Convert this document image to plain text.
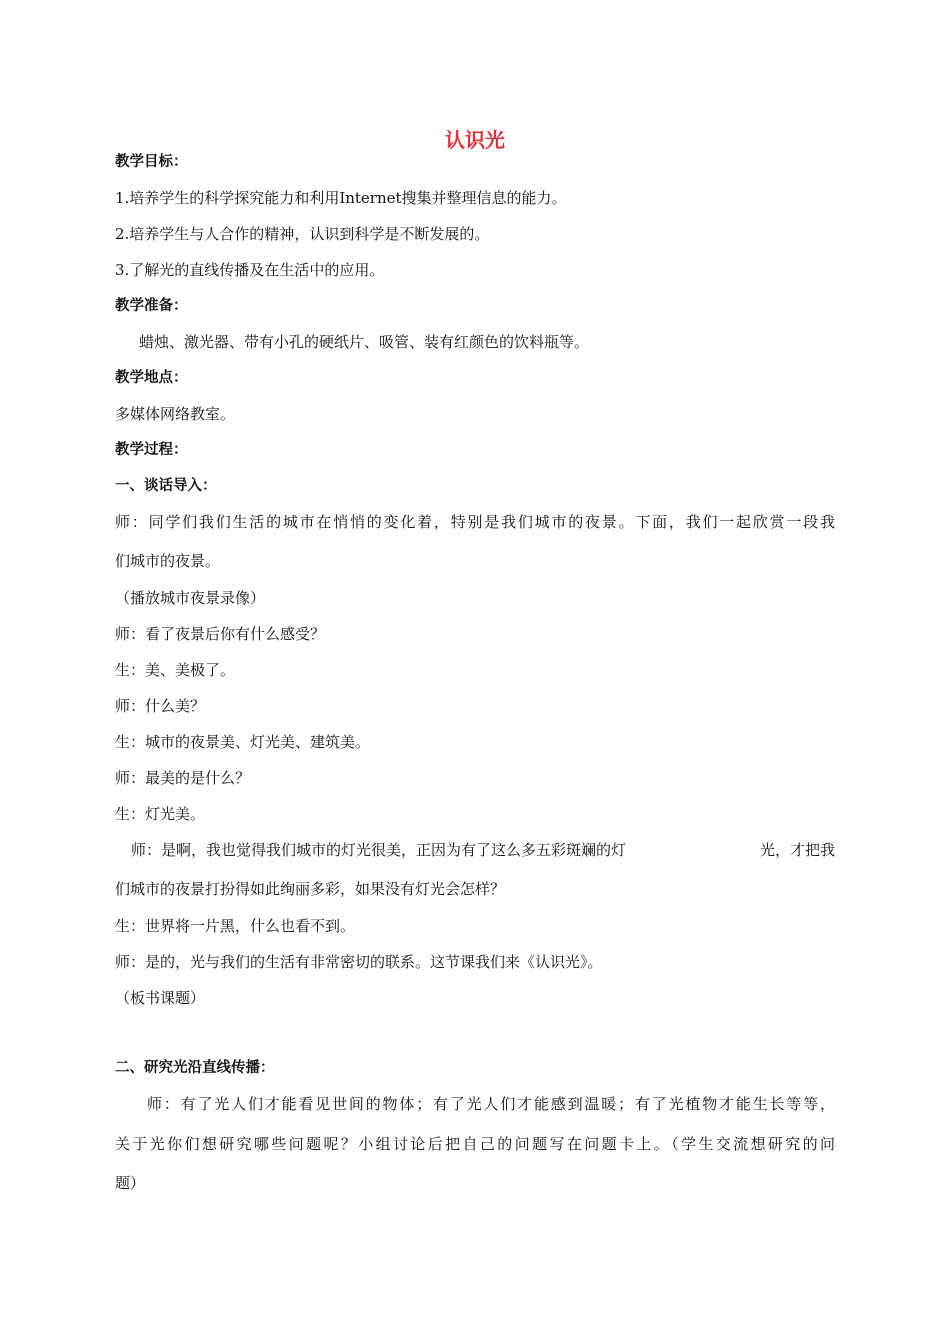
认识光
教学目标：
1.培养学生的科学探究能力和利用Internet搜集并整理信息的能力。
2.培养学生与人合作的精神，认识到科学是不断发展的。
3.了解光的直线传播及在生活中的应用。
教学准备：
蜡烛、激光器、带有小孔的硬纸片、吸管、装有红颜色的饮料瓶等。
教学地点：
多媒体网络教室。
教学过程：
一、谈话导入：
师：同学们我们生活的城市在悄悄的变化着，特别是我们城市的夜景。下面，我们一起欣赏一段我
们城市的夜景。
（播放城市夜景录像）
师：看了夜景后你有什么感受？
生：美、美极了。
师：什么美？
生：城市的夜景美、灯光美、建筑美。
师：最美的是什么？
生：灯光美。
师：是啊，我也觉得我们城市的灯光很美，正因为有了这么多五彩斑斓的灯	光，才把我
们城市的夜景打扮得如此绚丽多彩，如果没有灯光会怎样？
生：世界将一片黑，什么也看不到。
师：是的，光与我们的生活有非常密切的联系。这节课我们来《认识光》。
（板书课题）
二、研究光沿直线传播：
师：有了光人们才能看见世间的物体；有了光人们才能感到温暖；有了光植物才能生长等等，
关于光你们想研究哪些问题呢？小组讨论后把自己的问题写在问题卡上。（学生交流想研究的问
题）
